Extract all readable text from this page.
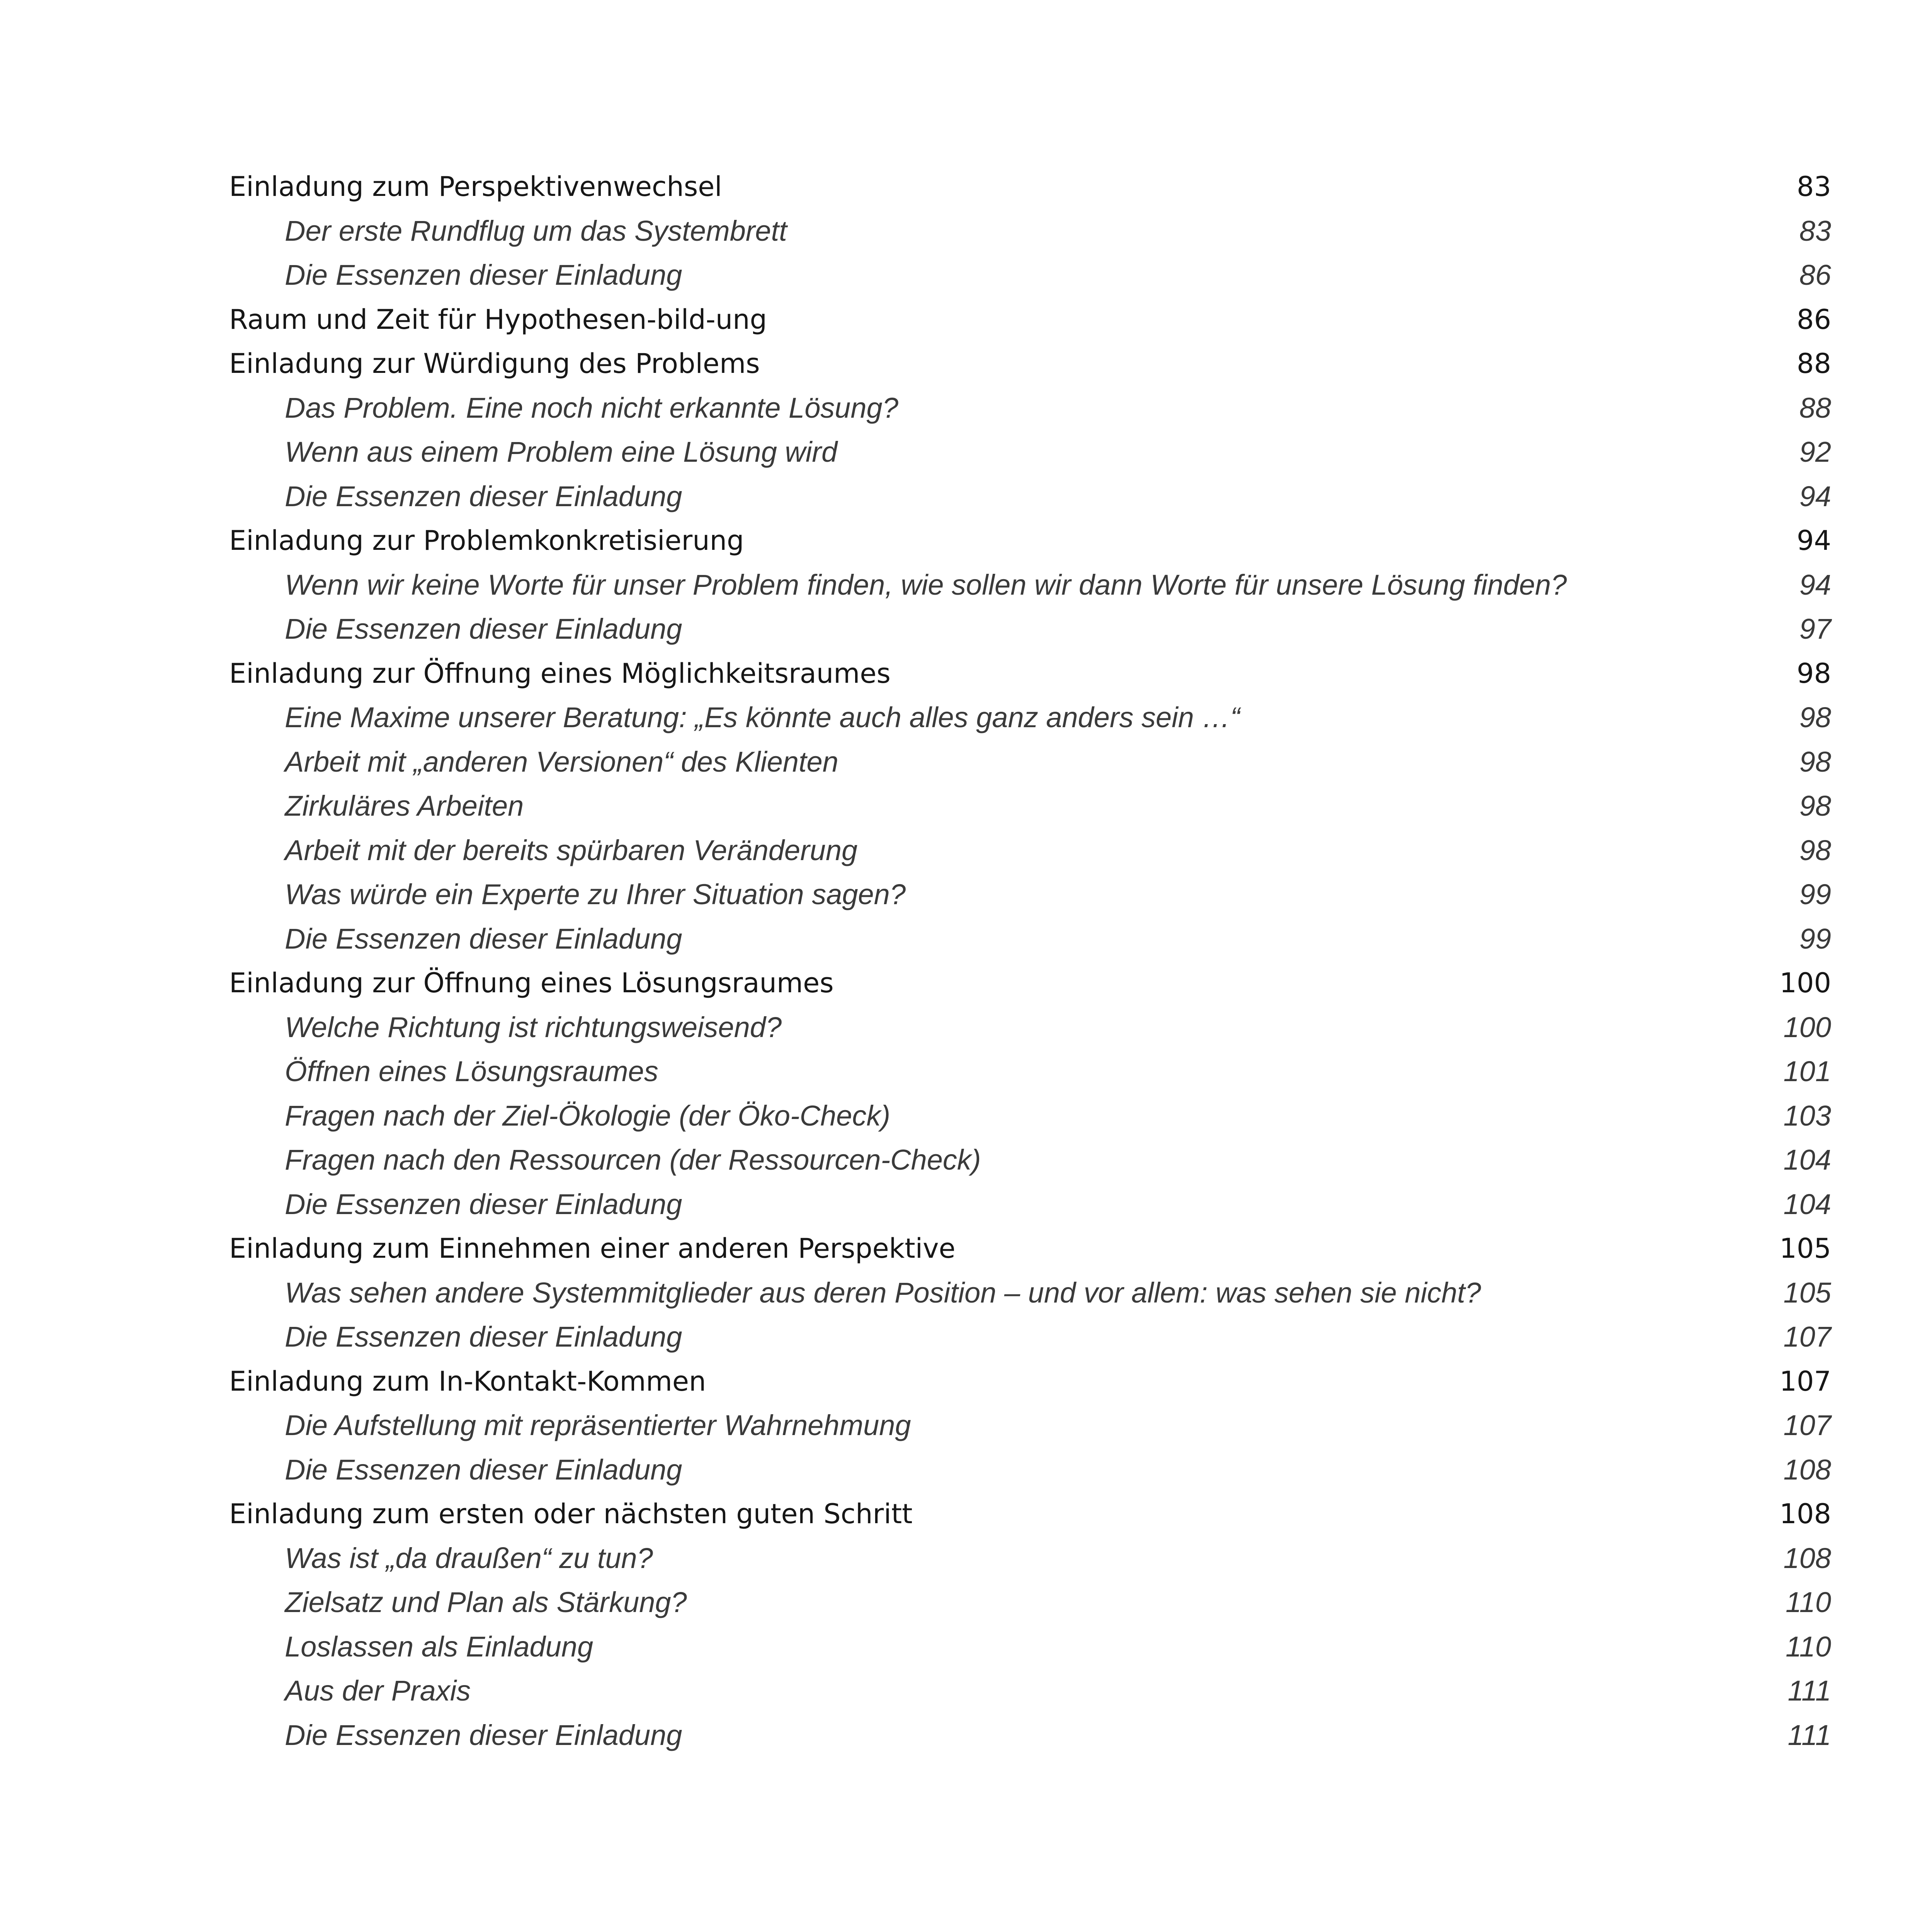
Einladung zum Perspektivenwechsel	83
Der erste Rundflug um das Systembrett	83
Die Essenzen dieser Einladung	86
Raum und Zeit für Hypothesen-bild-ung	86
Einladung zur Würdigung des Problems	88
Das Problem. Eine noch nicht erkannte Lösung?	88
Wenn aus einem Problem eine Lösung wird	92
Die Essenzen dieser Einladung	94
Einladung zur Problemkonkretisierung	94
Wenn wir keine Worte für unser Problem finden, wie sollen wir dann Worte für unsere Lösung finden?	94
Die Essenzen dieser Einladung	97
Einladung zur Öffnung eines Möglichkeitsraumes	98
Eine Maxime unserer Beratung: „Es könnte auch alles ganz anders sein …“	98
Arbeit mit „anderen Versionen“ des Klienten	98
Zirkuläres Arbeiten	98
Arbeit mit der bereits spürbaren Veränderung	98
Was würde ein Experte zu Ihrer Situation sagen?	99
Die Essenzen dieser Einladung	99
Einladung zur Öffnung eines Lösungsraumes	100
Welche Richtung ist richtungsweisend?	100
Öffnen eines Lösungsraumes	101
Fragen nach der Ziel-Ökologie (der Öko-Check)	103
Fragen nach den Ressourcen (der Ressourcen-Check)	104
Die Essenzen dieser Einladung	104
Einladung zum Einnehmen einer anderen Perspektive	105
Was sehen andere Systemmitglieder aus deren Position – und vor allem: was sehen sie nicht?	105
Die Essenzen dieser Einladung	107
Einladung zum In-Kontakt-Kommen	107
Die Aufstellung mit repräsentierter Wahrnehmung	107
Die Essenzen dieser Einladung	108
Einladung zum ersten oder nächsten guten Schritt	108
Was ist „da draußen“ zu tun?	108
Zielsatz und Plan als Stärkung?	110
Loslassen als Einladung	110
Aus der Praxis	111
Die Essenzen dieser Einladung	111
